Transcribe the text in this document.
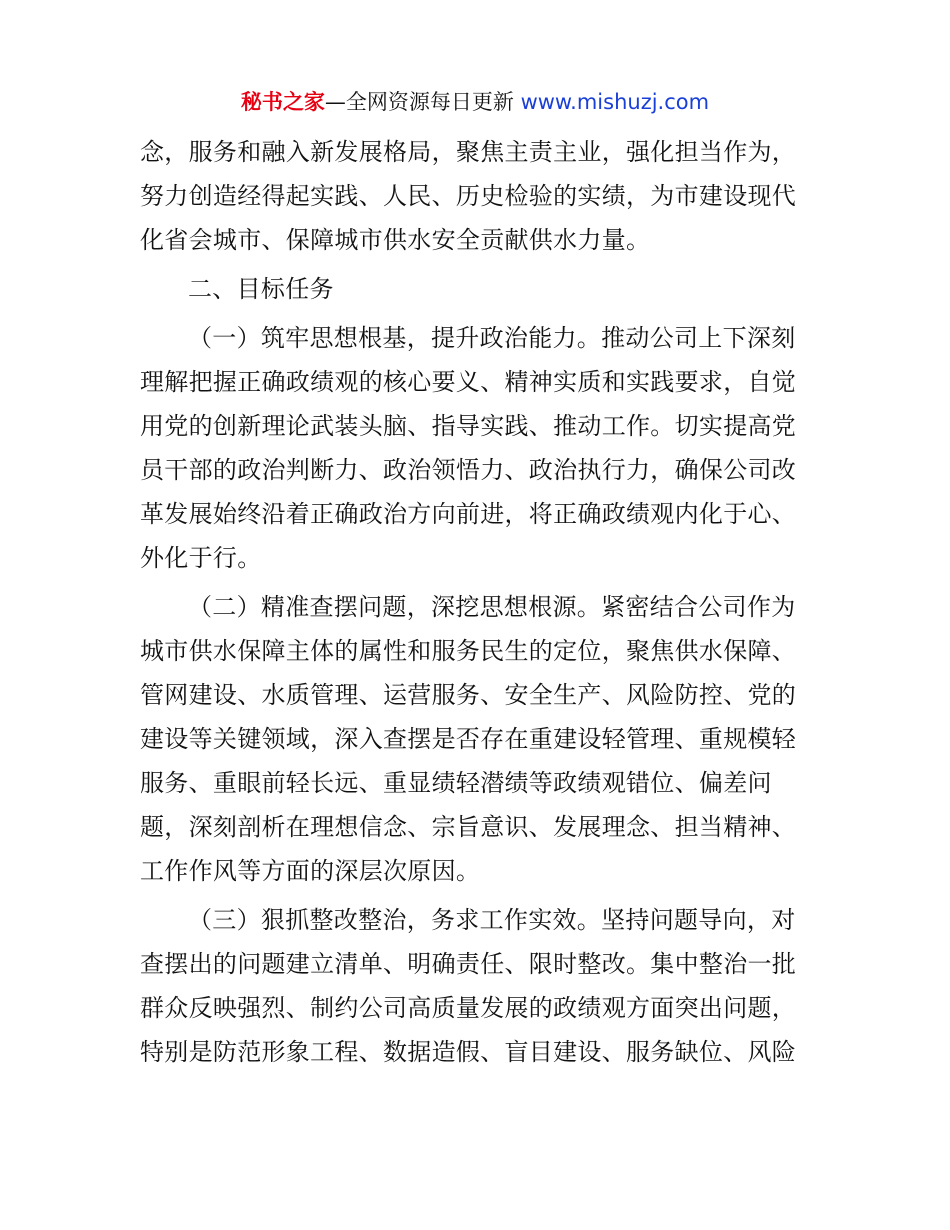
秘书之家—全网资源每日更新 www.mishuzj.com

念，服务和融入新发展格局，聚焦主责主业，强化担当作为，
努力创造经得起实践、人民、历史检验的实绩，为市建设现代
化省会城市、保障城市供水安全贡献供水力量。

二、目标任务

（一）筑牢思想根基，提升政治能力。推动公司上下深刻
理解把握正确政绩观的核心要义、精神实质和实践要求，自觉
用党的创新理论武装头脑、指导实践、推动工作。切实提高党
员干部的政治判断力、政治领悟力、政治执行力，确保公司改
革发展始终沿着正确政治方向前进，将正确政绩观内化于心、
外化于行。

（二）精准查摆问题，深挖思想根源。紧密结合公司作为
城市供水保障主体的属性和服务民生的定位，聚焦供水保障、
管网建设、水质管理、运营服务、安全生产、风险防控、党的
建设等关键领域，深入查摆是否存在重建设轻管理、重规模轻
服务、重眼前轻长远、重显绩轻潜绩等政绩观错位、偏差问
题，深刻剖析在理想信念、宗旨意识、发展理念、担当精神、
工作作风等方面的深层次原因。

（三）狠抓整改整治，务求工作实效。坚持问题导向，对
查摆出的问题建立清单、明确责任、限时整改。集中整治一批
群众反映强烈、制约公司高质量发展的政绩观方面突出问题，
特别是防范形象工程、数据造假、盲目建设、服务缺位、风险
